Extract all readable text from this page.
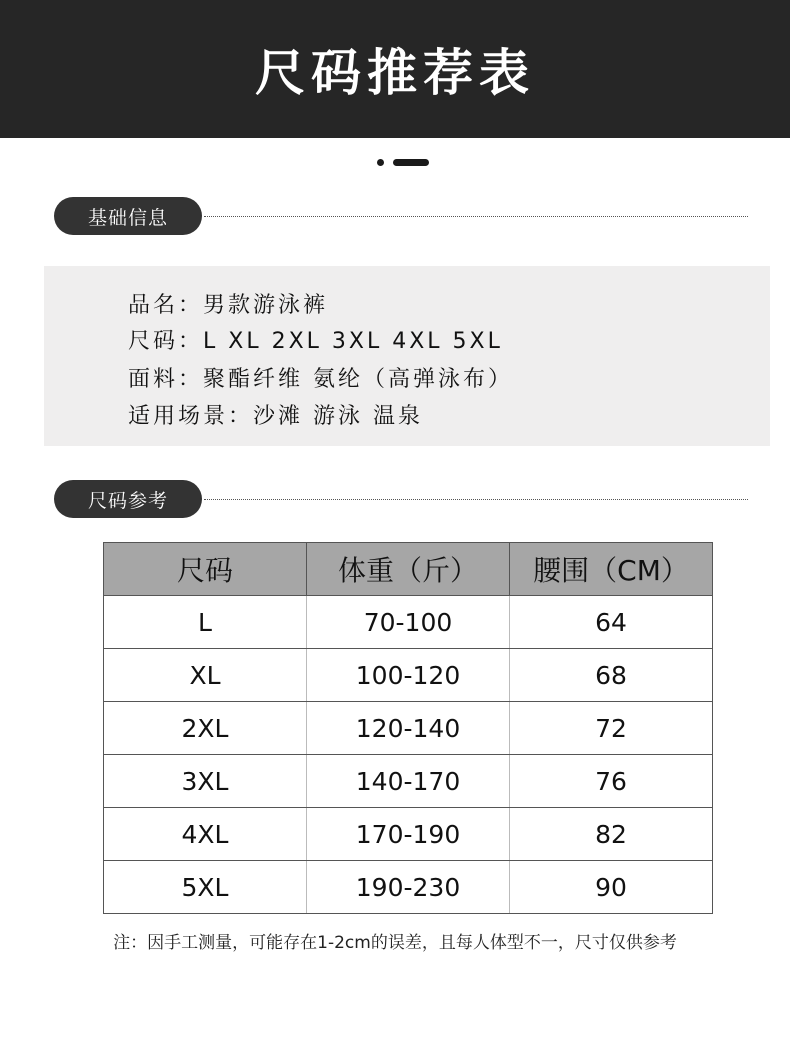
尺码推荐表
基础信息
品名：男款游泳裤
尺码：L XL 2XL 3XL 4XL 5XL
面料：聚酯纤维 氨纶（高弹泳布）
适用场景：沙滩 游泳 温泉
尺码参考
尺码	体重（斤）	腰围（CM）
L	70-100	64
XL	100-120	68
2XL	120-140	72
3XL	140-170	76
4XL	170-190	82
5XL	190-230	90
注：因手工测量，可能存在1-2cm的误差，且每人体型不一，尺寸仅供参考
